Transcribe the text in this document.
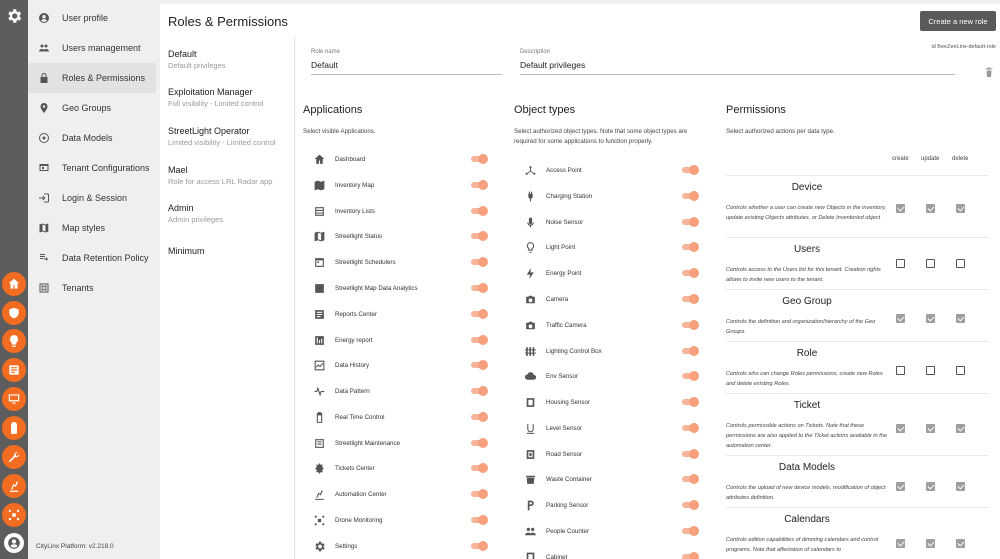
User profile
Users management
Roles & Permissions
Geo Groups
Data Models
Tenant Configurations
Login & Session
Map styles
Data Retention Policy
Tenants
CityLinx Platform: v2.218.0
Roles & Permissions	Create a new role
Default
Default privileges
Exploitation Manager
Full visibility - Limited control
StreetLight Operator
Limited visibility - Limited control
Mael
Role for access LRL Radar app
Admin
Admin privileges
Minimum
id BeeZeeLinx-default-role
Role name
Default
Description
Default privileges
Applications
Select visible Applications.
Object types
Select authorized object types. Note that some object types are required for some applications to function properly.
Permissions
Select authorized actions per data type.
Dashboard
Inventory Map
Inventory Lists
Streetlight Status
Streetlight Schedulers
Streetlight Map Data Analytics
Reports Center
Energy report
Data History
Data Pattern
Real Time Control
Streetlight Maintenance
Tickets Center
Automation Center
Drone Monitoring
Settings
Access Point
Charging Station
Noise Sensor
Light Point
Energy Point
Camera
Traffic Camera
Lighting Control Box
Env Sensor
Housing Sensor
Level Sensor
Road Sensor
Waste Container
Parking Sensor
People Counter
Cabinet
create update delete
Device
Controls whether a user can create new Objects in the inventory, update existing Objects attributes, or Delete Inventoried object
Users
Controls access to the Users list for this tenant. Creation rights allows to invite new users to the tenant.
Geo Group
Controls the definition and organization/hierarchy of the Geo Groups.
Role
Controls who can change Roles permissions, create new Roles and delete existing Roles.
Ticket
Controls permissible actions on Tickets. Note that these permissions are also applied to the Ticket actions available in the automation center.
Data Models
Controls the upload of new device models, modification of object attributes definition.
Calendars
Controls edition capabilities of dimming calendars and control programs. Note that affectation of calendars to
